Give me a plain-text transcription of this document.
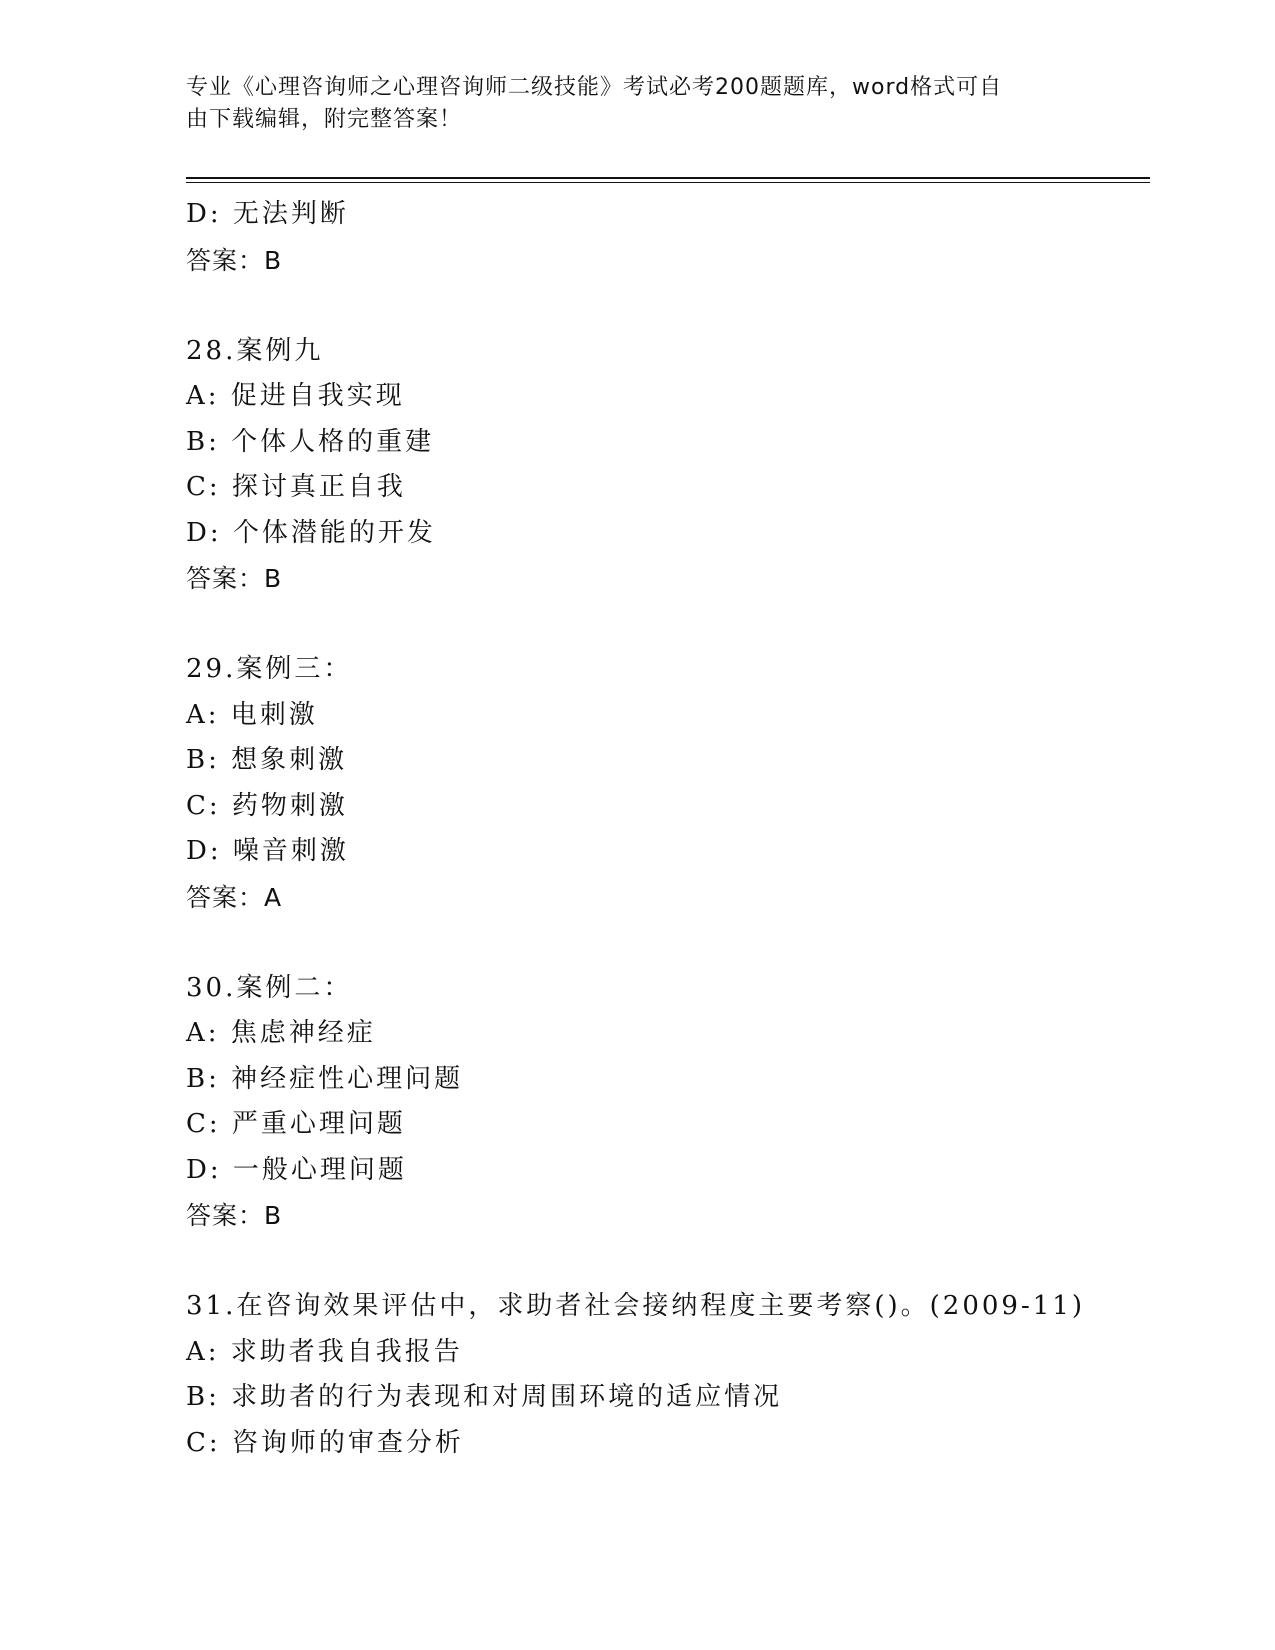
专业《心理咨询师之心理咨询师二级技能》考试必考200题题库，word格式可自
由下载编辑，附完整答案！
D: 无法判断
答案：B
28.案例九
A: 促进自我实现
B: 个体人格的重建
C: 探讨真正自我
D: 个体潜能的开发
答案：B
29.案例三：
A: 电刺激
B: 想象刺激
C: 药物刺激
D: 噪音刺激
答案：A
30.案例二：
A: 焦虑神经症
B: 神经症性心理问题
C: 严重心理问题
D: 一般心理问题
答案：B
31.在咨询效果评估中，求助者社会接纳程度主要考察()。(2009-11)
A: 求助者我自我报告
B: 求助者的行为表现和对周围环境的适应情况
C: 咨询师的审查分析
